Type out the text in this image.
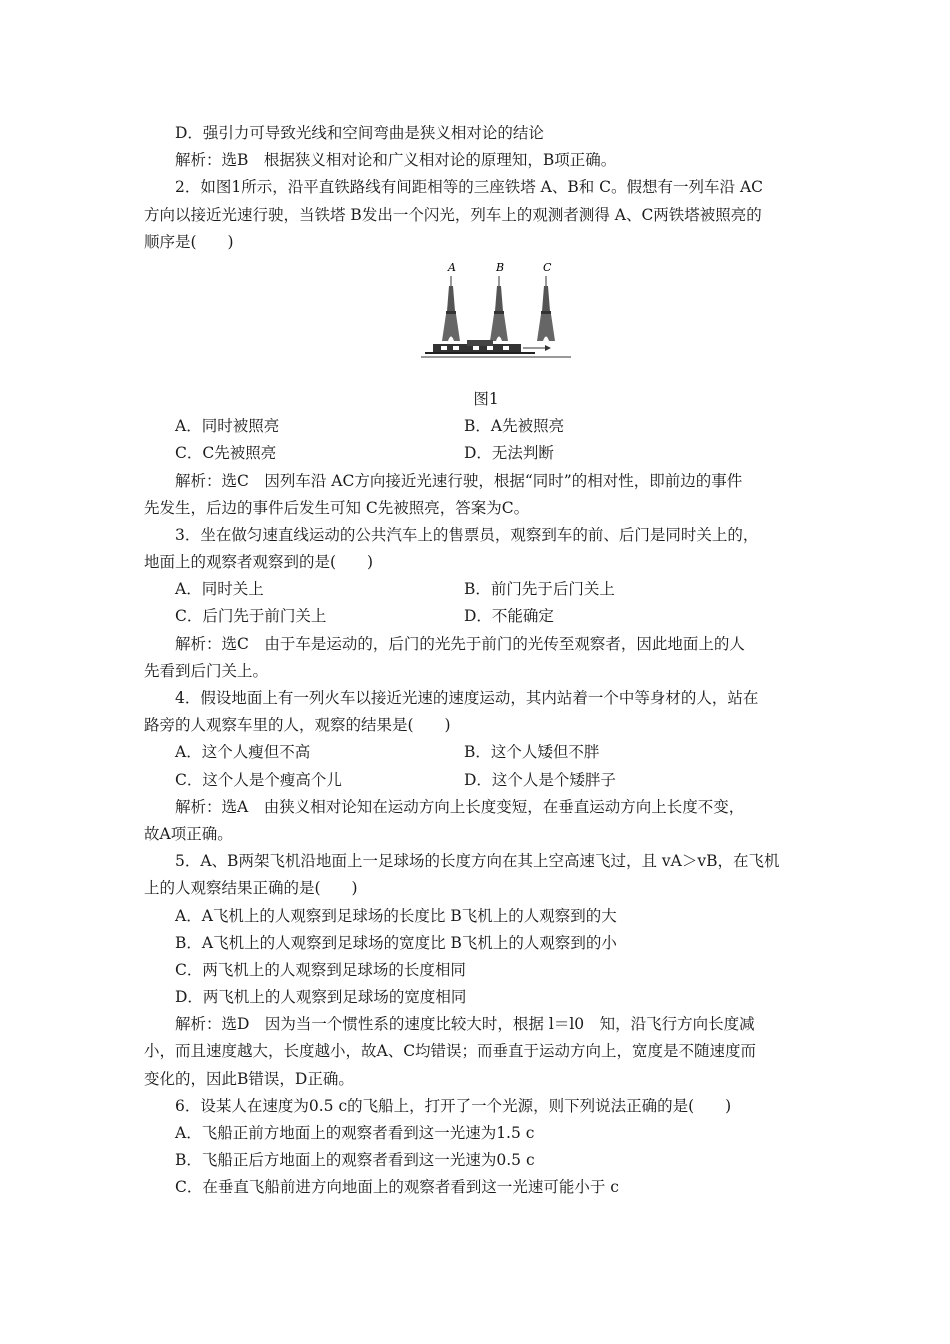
D．强引力可导致光线和空间弯曲是狭义相对论的结论
解析：选B　根据狭义相对论和广义相对论的原理知，B项正确。
2．如图1所示，沿平直铁路线有间距相等的三座铁塔 A、B和 C。假想有一列车沿 AC
方向以接近光速行驶，当铁塔 B发出一个闪光，列车上的观测者测得 A、C两铁塔被照亮的
顺序是(　　)
A	B	C
图1
A．同时被照亮	B．A先被照亮
C．C先被照亮	D．无法判断
解析：选C　因列车沿 AC方向接近光速行驶，根据“同时”的相对性，即前边的事件
先发生，后边的事件后发生可知 C先被照亮，答案为C。
3．坐在做匀速直线运动的公共汽车上的售票员，观察到车的前、后门是同时关上的，
地面上的观察者观察到的是(　　)
A．同时关上	B．前门先于后门关上
C．后门先于前门关上	D．不能确定
解析：选C　由于车是运动的，后门的光先于前门的光传至观察者，因此地面上的人
先看到后门关上。
4．假设地面上有一列火车以接近光速的速度运动，其内站着一个中等身材的人，站在
路旁的人观察车里的人，观察的结果是(　　)
A．这个人瘦但不高	B．这个人矮但不胖
C．这个人是个瘦高个儿	D．这个人是个矮胖子
解析：选A　由狭义相对论知在运动方向上长度变短，在垂直运动方向上长度不变，
故A项正确。
5．A、B两架飞机沿地面上一足球场的长度方向在其上空高速飞过，且 vA＞vB，在飞机
上的人观察结果正确的是(　　)
A．A飞机上的人观察到足球场的长度比 B飞机上的人观察到的大
B．A飞机上的人观察到足球场的宽度比 B飞机上的人观察到的小
C．两飞机上的人观察到足球场的长度相同
D．两飞机上的人观察到足球场的宽度相同
解析：选D　因为当一个惯性系的速度比较大时，根据 l＝l0　知，沿飞行方向长度减
小，而且速度越大，长度越小，故A、C均错误；而垂直于运动方向上，宽度是不随速度而
变化的，因此B错误，D正确。
6．设某人在速度为0.5 c的飞船上，打开了一个光源，则下列说法正确的是(　　)
A．飞船正前方地面上的观察者看到这一光速为1.5 c
B．飞船正后方地面上的观察者看到这一光速为0.5 c
C．在垂直飞船前进方向地面上的观察者看到这一光速可能小于 c
